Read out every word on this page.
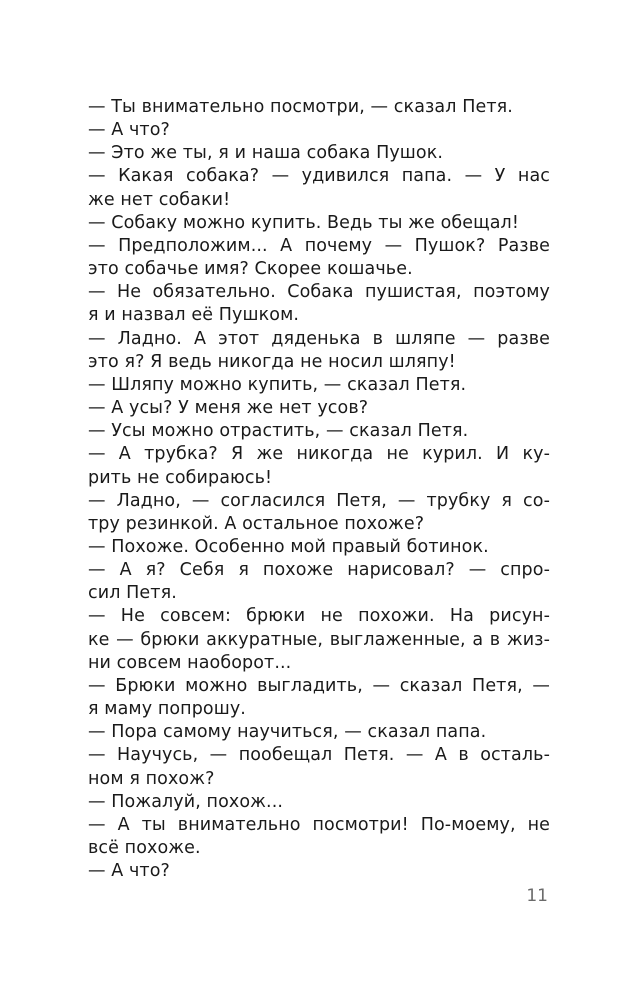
— Ты внимательно посмотри, — сказал Петя.
— А что?
— Это же ты, я и наша собака Пушок.
— Какая собака? — удивился папа. — У нас
же нет собаки!
— Собаку можно купить. Ведь ты же обещал!
— Предположим... А почему — Пушок? Разве
это собачье имя? Скорее кошачье.
— Не обязательно. Собака пушистая, поэтому
я и назвал её Пушком.
— Ладно. А этот дяденька в шляпе — разве
это я? Я ведь никогда не носил шляпу!
— Шляпу можно купить, — сказал Петя.
— А усы? У меня же нет усов?
— Усы можно отрастить, — сказал Петя.
— А трубка? Я же никогда не курил. И ку-
рить не собираюсь!
— Ладно, — согласился Петя, — трубку я со-
тру резинкой. А остальное похоже?
— Похоже. Особенно мой правый ботинок.
— А я? Себя я похоже нарисовал? — спро-
сил Петя.
— Не совсем: брюки не похожи. На рисун-
ке — брюки аккуратные, выглаженные, а в жиз-
ни совсем наоборот...
— Брюки можно выгладить, — сказал Петя, —
я маму попрошу.
— Пора самому научиться, — сказал папа.
— Научусь, — пообещал Петя. — А в осталь-
ном я похож?
— Пожалуй, похож...
— А ты внимательно посмотри! По-моему, не
всё похоже.
— А что?
11
